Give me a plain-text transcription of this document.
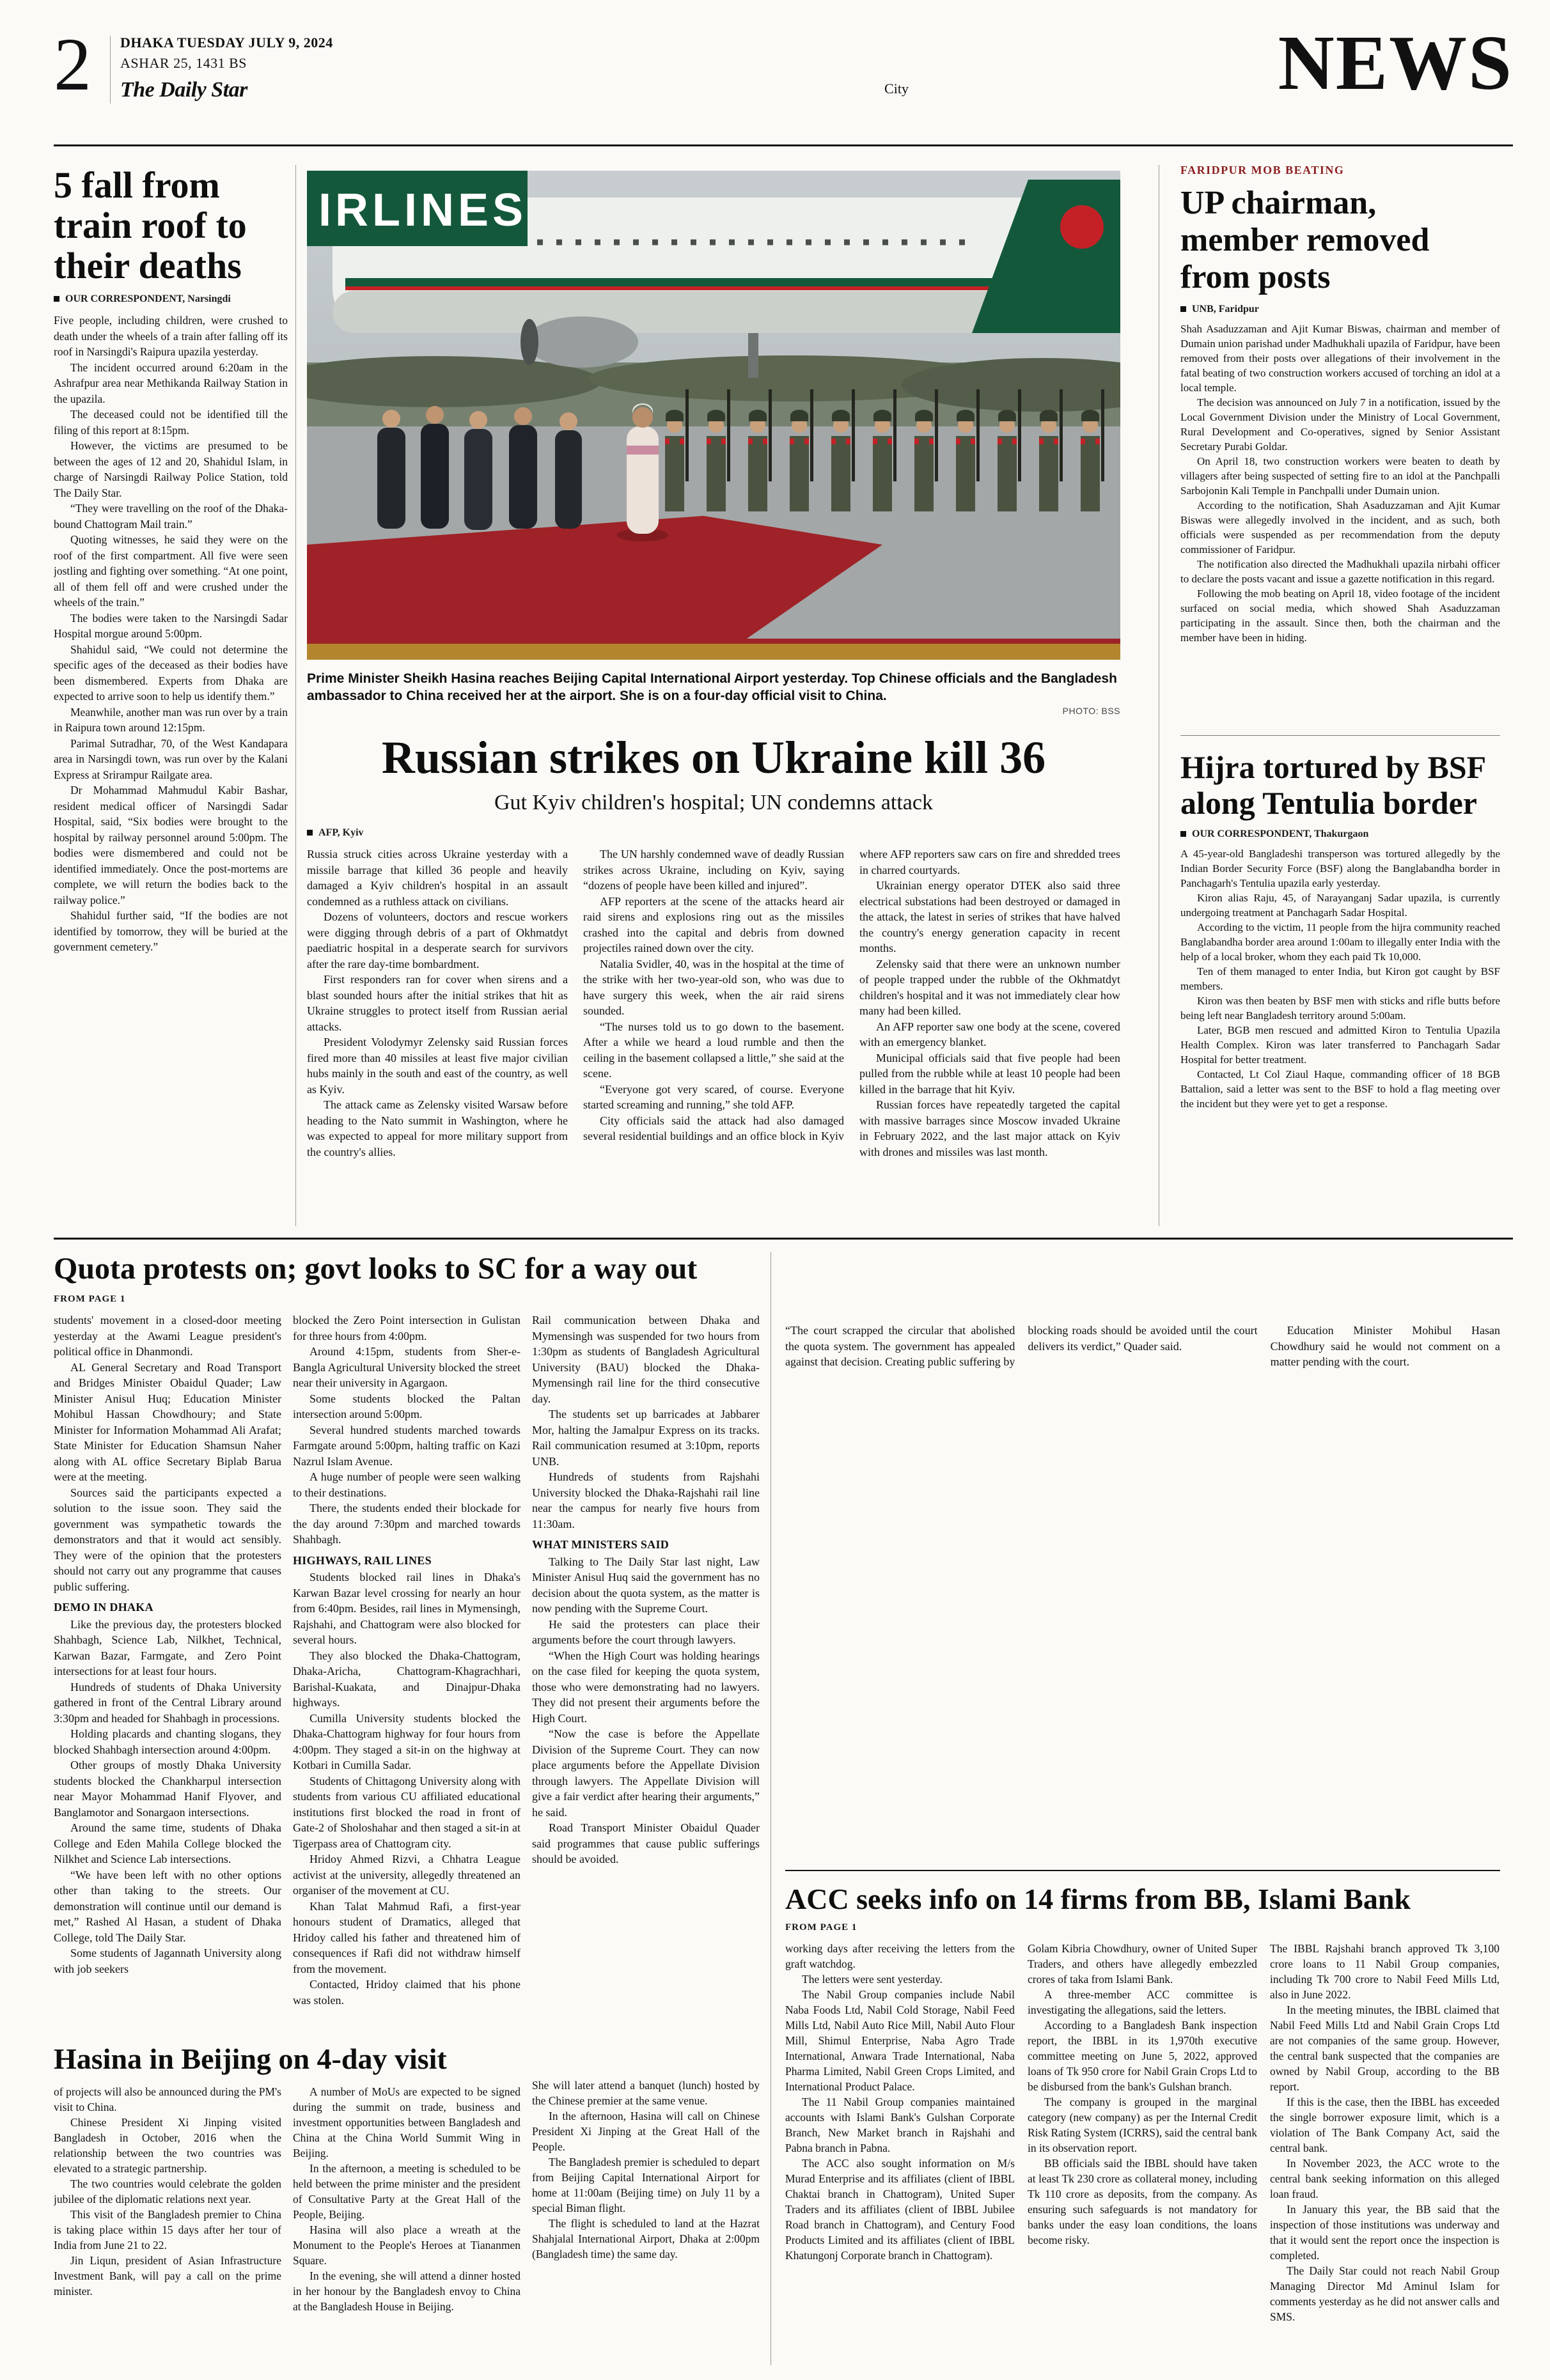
2 DHAKA TUESDAY JULY 9, 2024
ASHAR 25, 1431 BS
The Daily Star	City	NEWS
5 fall from train roof to their deaths
OUR CORRESPONDENT, Narsingdi

Five people, including children, were crushed to death under the wheels of a train after falling off its roof in Narsingdi's Raipura upazila yesterday.

The incident occurred around 6:20am in the Ashrafpur area near Methikanda Railway Station in the upazila.

The deceased could not be identified till the filing of this report at 8:15pm.

However, the victims are presumed to be between the ages of 12 and 20, Shahidul Islam, in charge of Narsingdi Railway Police Station, told The Daily Star.

“They were travelling on the roof of the Dhaka-bound Chattogram Mail train.”

Quoting witnesses, he said they were on the roof of the first compartment. All five were seen jostling and fighting over something. “At one point, all of them fell off and were crushed under the wheels of the train.”

The bodies were taken to the Narsingdi Sadar Hospital morgue around 5:00pm.

Shahidul said, “We could not determine the specific ages of the deceased as their bodies have been dismembered. Experts from Dhaka are expected to arrive soon to help us identify them.”

Meanwhile, another man was run over by a train in Raipura town around 12:15pm.

Parimal Sutradhar, 70, of the West Kandapara area in Narsingdi town, was run over by the Kalani Express at Srirampur Railgate area.

Dr Mohammad Mahmudul Kabir Bashar, resident medical officer of Narsingdi Sadar Hospital, said, “Six bodies were brought to the hospital by railway personnel around 5:00pm. The bodies were dismembered and could not be identified immediately. Once the post-mortems are complete, we will return the bodies back to the railway police.”

Shahidul further said, “If the bodies are not identified by tomorrow, they will be buried at the government cemetery.”

IRLINES
Prime Minister Sheikh Hasina reaches Beijing Capital International Airport yesterday. Top Chinese officials and the Bangladesh ambassador to China received her at the airport. She is on a four-day official visit to China.
PHOTO: BSS
Russian strikes on Ukraine kill 36
Gut Kyiv children's hospital; UN condemns attack
AFP, Kyiv

Russia struck cities across Ukraine yesterday with a missile barrage that killed 36 people and heavily damaged a Kyiv children's hospital in an assault condemned as a ruthless attack on civilians.

Dozens of volunteers, doctors and rescue workers were digging through debris of a part of Okhmatdyt paediatric hospital in a desperate search for survivors after the rare day-time bombardment.

First responders ran for cover when sirens and a blast sounded hours after the initial strikes that hit as Ukraine struggles to protect itself from Russian aerial attacks.

President Volodymyr Zelensky said Russian forces fired more than 40 missiles at least five major civilian hubs mainly in the south and east of the country, as well as Kyiv.

The attack came as Zelensky visited Warsaw before heading to the Nato summit in Washington, where he was expected to appeal for more military support from the country's allies.

The UN harshly condemned wave of deadly Russian strikes across Ukraine, including on Kyiv, saying “dozens of people have been killed and injured”.

AFP reporters at the scene of the attacks heard air raid sirens and explosions ring out as the missiles crashed into the capital and debris from downed projectiles rained down over the city.

Natalia Svidler, 40, was in the hospital at the time of the strike with her two-year-old son, who was due to have surgery this week, when the air raid sirens sounded.

“The nurses told us to go down to the basement. After a while we heard a loud rumble and then the ceiling in the basement collapsed a little,” she said at the scene.

“Everyone got very scared, of course. Everyone started screaming and running,” she told AFP.

City officials said the attack had also damaged several residential buildings and an office block in Kyiv where AFP reporters saw cars on fire and shredded trees in charred courtyards.

Ukrainian energy operator DTEK also said three electrical substations had been destroyed or damaged in the attack, the latest in series of strikes that have halved the country's energy generation capacity in recent months.

Zelensky said that there were an unknown number of people trapped under the rubble of the Okhmatdyt children's hospital and it was not immediately clear how many had been killed.

An AFP reporter saw one body at the scene, covered with an emergency blanket.

Municipal officials said that five people had been pulled from the rubble while at least 10 people had been killed in the barrage that hit Kyiv.

Russian forces have repeatedly targeted the capital with massive barrages since Moscow invaded Ukraine in February 2022, and the last major attack on Kyiv with drones and missiles was last month.

FARIDPUR MOB BEATING
UP chairman, member removed from posts
UNB, Faridpur

Shah Asaduzzaman and Ajit Kumar Biswas, chairman and member of Dumain union parishad under Madhukhali upazila of Faridpur, have been removed from their posts over allegations of their involvement in the fatal beating of two construction workers accused of torching an idol at a local temple.

The decision was announced on July 7 in a notification, issued by the Local Government Division under the Ministry of Local Government, Rural Development and Co-operatives, signed by Senior Assistant Secretary Purabi Goldar.

On April 18, two construction workers were beaten to death by villagers after being suspected of setting fire to an idol at the Panchpalli Sarbojonin Kali Temple in Panchpalli under Dumain union.

According to the notification, Shah Asaduzzaman and Ajit Kumar Biswas were allegedly involved in the incident, and as such, both officials were suspended as per recommendation from the deputy commissioner of Faridpur.

The notification also directed the Madhukhali upazila nirbahi officer to declare the posts vacant and issue a gazette notification in this regard.

Following the mob beating on April 18, video footage of the incident surfaced on social media, which showed Shah Asaduzzaman participating in the assault. Since then, both the chairman and the member have been in hiding.

Hijra tortured by BSF along Tentulia border
OUR CORRESPONDENT, Thakurgaon

A 45-year-old Bangladeshi transperson was tortured allegedly by the Indian Border Security Force (BSF) along the Banglabandha border in Panchagarh's Tentulia upazila early yesterday.

Kiron alias Raju, 45, of Narayanganj Sadar upazila, is currently undergoing treatment at Panchagarh Sadar Hospital.

According to the victim, 11 people from the hijra community reached Banglabandha border area around 1:00am to illegally enter India with the help of a local broker, whom they each paid Tk 10,000.

Ten of them managed to enter India, but Kiron got caught by BSF members.

Kiron was then beaten by BSF men with sticks and rifle butts before being left near Bangladesh territory around 5:00am.

Later, BGB men rescued and admitted Kiron to Tentulia Upazila Health Complex. Kiron was later transferred to Panchagarh Sadar Hospital for better treatment.

Contacted, Lt Col Ziaul Haque, commanding officer of 18 BGB Battalion, said a letter was sent to the BSF to hold a flag meeting over the incident but they were yet to get a response.

Quota protests on; govt looks to SC for a way out
FROM PAGE 1

students' movement in a closed-door meeting yesterday at the Awami League president's political office in Dhanmondi.

AL General Secretary and Road Transport and Bridges Minister Obaidul Quader; Law Minister Anisul Huq; Education Minister Mohibul Hassan Chowdhoury; and State Minister for Information Mohammad Ali Arafat; State Minister for Education Shamsun Naher along with AL office Secretary Biplab Barua were at the meeting.

Sources said the participants expected a solution to the issue soon. They said the government was sympathetic towards the demonstrators and that it would act sensibly. They were of the opinion that the protesters should not carry out any programme that causes public suffering.

DEMO IN DHAKA

Like the previous day, the protesters blocked Shahbagh, Science Lab, Nilkhet, Technical, Karwan Bazar, Farmgate, and Zero Point intersections for at least four hours.

Hundreds of students of Dhaka University gathered in front of the Central Library around 3:30pm and headed for Shahbagh in processions.

Holding placards and chanting slogans, they blocked Shahbagh intersection around 4:00pm.

Other groups of mostly Dhaka University students blocked the Chankharpul intersection near Mayor Mohammad Hanif Flyover, and Banglamotor and Sonargaon intersections.

Around the same time, students of Dhaka College and Eden Mahila College blocked the Nilkhet and Science Lab intersections.

“We have been left with no other options other than taking to the streets. Our demonstration will continue until our demand is met,” Rashed Al Hasan, a student of Dhaka College, told The Daily Star.

Some students of Jagannath University along with job seekers

blocked the Zero Point intersection in Gulistan for three hours from 4:00pm.

Around 4:15pm, students from Sher-e-Bangla Agricultural University blocked the street near their university in Agargaon.

Some students blocked the Paltan intersection around 5:00pm.

Several hundred students marched towards Farmgate around 5:00pm, halting traffic on Kazi Nazrul Islam Avenue.

A huge number of people were seen walking to their destinations.

There, the students ended their blockade for the day around 7:30pm and marched towards Shahbagh.

HIGHWAYS, RAIL LINES

Students blocked rail lines in Dhaka's Karwan Bazar level crossing for nearly an hour from 6:40pm. Besides, rail lines in Mymensingh, Rajshahi, and Chattogram were also blocked for several hours.

They also blocked the Dhaka-Chattogram, Dhaka-Aricha, Chattogram-Khagrachhari, Barishal-Kuakata, and Dinajpur-Dhaka highways.

Cumilla University students blocked the Dhaka-Chattogram highway for four hours from 4:00pm. They staged a sit-in on the highway at Kotbari in Cumilla Sadar.

Students of Chittagong University along with students from various CU affiliated educational institutions first blocked the road in front of Gate-2 of Sholoshahar and then staged a sit-in at Tigerpass area of Chattogram city.

Hridoy Ahmed Rizvi, a Chhatra League activist at the university, allegedly threatened an organiser of the movement at CU.

Khan Talat Mahmud Rafi, a first-year honours student of Dramatics, alleged that Hridoy called his father and threatened him of consequences if Rafi did not withdraw himself from the movement.

Contacted, Hridoy claimed that his phone was stolen.

Rail communication between Dhaka and Mymensingh was suspended for two hours from 1:30pm as students of Bangladesh Agricultural University (BAU) blocked the Dhaka-Mymensingh rail line for the third consecutive day.

The students set up barricades at Jabbarer Mor, halting the Jamalpur Express on its tracks. Rail communication resumed at 3:10pm, reports UNB.

Hundreds of students from Rajshahi University blocked the Dhaka-Rajshahi rail line near the campus for nearly five hours from 11:30am.

WHAT MINISTERS SAID

Talking to The Daily Star last night, Law Minister Anisul Huq said the government has no decision about the quota system, as the matter is now pending with the Supreme Court.

He said the protesters can place their arguments before the court through lawyers.

“When the High Court was holding hearings on the case filed for keeping the quota system, those who were demonstrating had no lawyers. They did not present their arguments before the High Court.

“Now the case is before the Appellate Division of the Supreme Court. They can now place arguments before the Appellate Division through lawyers. The Appellate Division will give a fair verdict after hearing their arguments,” he said.

Road Transport Minister Obaidul Quader said programmes that cause public sufferings should be avoided.

“The court scrapped the circular that abolished the quota system. The government has appealed against that decision. Creating public suffering by blocking roads should be avoided until the court delivers its verdict,” Quader said.

Education Minister Mohibul Hasan Chowdhury said he would not comment on a matter pending with the court.

ACC seeks info on 14 firms from BB, Islami Bank
FROM PAGE 1

working days after receiving the letters from the graft watchdog.

The letters were sent yesterday.

The Nabil Group companies include Nabil Naba Foods Ltd, Nabil Cold Storage, Nabil Feed Mills Ltd, Nabil Auto Rice Mill, Nabil Auto Flour Mill, Shimul Enterprise, Naba Agro Trade International, Anwara Trade International, Naba Pharma Limited, Nabil Green Crops Limited, and International Product Palace.

The 11 Nabil Group companies maintained accounts with Islami Bank's Gulshan Corporate Branch, New Market branch in Rajshahi and Pabna branch in Pabna.

The ACC also sought information on M/s Murad Enterprise and its affiliates (client of IBBL Chaktai branch in Chattogram), United Super Traders and its affiliates (client of IBBL Jubilee Road branch in Chattogram), and Century Food Products Limited and its affiliates (client of IBBL Khatungonj Corporate branch in Chattogram).

Golam Kibria Chowdhury, owner of United Super Traders, and others have allegedly embezzled crores of taka from Islami Bank.

A three-member ACC committee is investigating the allegations, said the letters.

According to a Bangladesh Bank inspection report, the IBBL in its 1,970th executive committee meeting on June 5, 2022, approved loans of Tk 950 crore for Nabil Grain Crops Ltd to be disbursed from the bank's Gulshan branch.

The company is grouped in the marginal category (new company) as per the Internal Credit Risk Rating System (ICRRS), said the central bank in its observation report.

BB officials said the IBBL should have taken at least Tk 230 crore as collateral money, including Tk 110 crore as deposits, from the company. As ensuring such safeguards is not mandatory for banks under the easy loan conditions, the loans become risky.

The IBBL Rajshahi branch approved Tk 3,100 crore loans to 11 Nabil Group companies, including Tk 700 crore to Nabil Feed Mills Ltd, also in June 2022.

In the meeting minutes, the IBBL claimed that Nabil Feed Mills Ltd and Nabil Grain Crops Ltd are not companies of the same group. However, the central bank suspected that the companies are owned by Nabil Group, according to the BB report.

If this is the case, then the IBBL has exceeded the single borrower exposure limit, which is a violation of The Bank Company Act, said the central bank.

In November 2023, the ACC wrote to the central bank seeking information on this alleged loan fraud.

In January this year, the BB said that the inspection of those institutions was underway and that it would sent the report once the inspection is completed.

The Daily Star could not reach Nabil Group Managing Director Md Aminul Islam for comments yesterday as he did not answer calls and SMS.

Hasina in Beijing on 4-day visit

of projects will also be announced during the PM's visit to China.

Chinese President Xi Jinping visited Bangladesh in October, 2016 when the relationship between the two countries was elevated to a strategic partnership.

The two countries would celebrate the golden jubilee of the diplomatic relations next year.

This visit of the Bangladesh premier to China is taking place within 15 days after her tour of India from June 21 to 22.

Jin Liqun, president of Asian Infrastructure Investment Bank, will pay a call on the prime minister.

A number of MoUs are expected to be signed during the summit on trade, business and investment opportunities between Bangladesh and China at the China World Summit Wing in Beijing.

In the afternoon, a meeting is scheduled to be held between the prime minister and the president of Consultative Party at the Great Hall of the People, Beijing.

Hasina will also place a wreath at the Monument to the People's Heroes at Tiananmen Square.

In the evening, she will attend a dinner hosted in her honour by the Bangladesh envoy to China at the Bangladesh House in Beijing.

She will later attend a banquet (lunch) hosted by the Chinese premier at the same venue.

In the afternoon, Hasina will call on Chinese President Xi Jinping at the Great Hall of the People.

The Bangladesh premier is scheduled to depart from Beijing Capital International Airport for home at 11:00am (Beijing time) on July 11 by a special Biman flight.

The flight is scheduled to land at the Hazrat Shahjalal International Airport, Dhaka at 2:00pm (Bangladesh time) the same day.
